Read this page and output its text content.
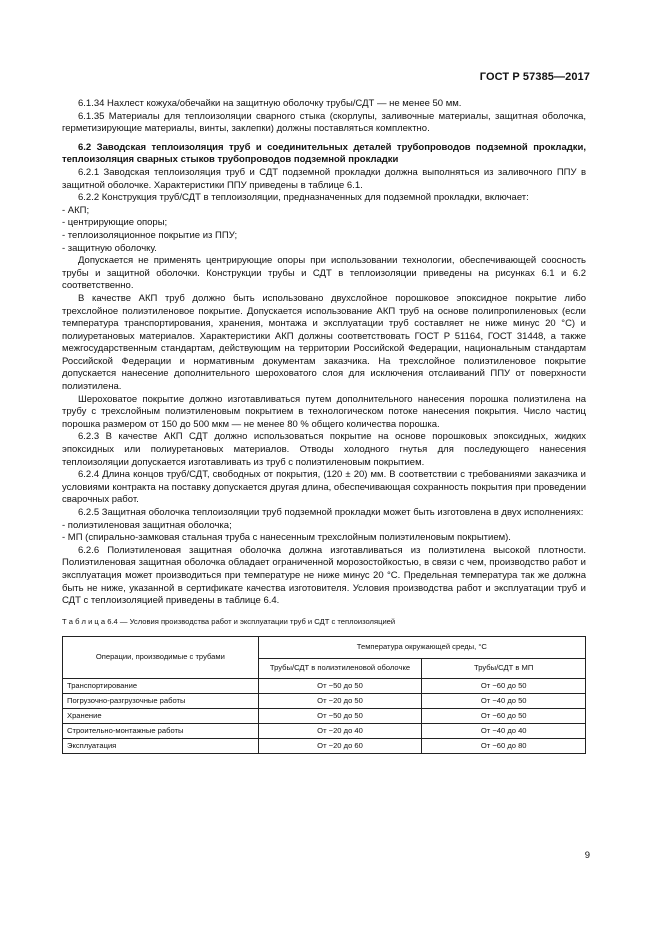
ГОСТ Р 57385—2017

6.1.34 Нахлест кожуха/обечайки на защитную оболочку трубы/СДТ — не менее 50 мм.

6.1.35 Материалы для теплоизоляции сварного стыка (скорлупы, заливочные материалы, защитная оболочка, герметизирующие материалы, винты, заклепки) должны поставляться комплектно.

6.2 Заводская теплоизоляция труб и соединительных деталей трубопроводов подземной прокладки, теплоизоляция сварных стыков трубопроводов подземной прокладки

6.2.1 Заводская теплоизоляция труб и СДТ подземной прокладки должна выполняться из заливочного ППУ в защитной оболочке. Характеристики ППУ приведены в таблице 6.1.

6.2.2 Конструкция труб/СДТ в теплоизоляции, предназначенных для подземной прокладки, включает:

- АКП;

- центрирующие опоры;

- теплоизоляционное покрытие из ППУ;

- защитную оболочку.

Допускается не применять центрирующие опоры при использовании технологии, обеспечивающей соосность трубы и защитной оболочки. Конструкции трубы и СДТ в теплоизоляции приведены на рисунках 6.1 и 6.2 соответственно.

В качестве АКП труб должно быть использовано двухслойное порошковое эпоксидное покрытие либо трехслойное полиэтиленовое покрытие. Допускается использование АКП труб на основе полипропиленовых (если температура транспортирования, хранения, монтажа и эксплуатации труб составляет не ниже минус 20 °С) и полиуретановых материалов. Характеристики АКП должны соответствовать ГОСТ Р 51164, ГОСТ 31448, а также межгосударственным стандартам, действующим на территории Российской Федерации, национальным стандартам Российской Федерации и нормативным документам заказчика. На трехслойное полиэтиленовое покрытие допускается нанесение дополнительного шероховатого слоя для исключения отслаиваний ППУ от поверхности полиэтилена.

Шероховатое покрытие должно изготавливаться путем дополнительного нанесения порошка полиэтилена на трубу с трехслойным полиэтиленовым покрытием в технологическом потоке нанесения покрытия. Число частиц порошка размером от 150 до 500 мкм — не менее 80 % общего количества порошка.

6.2.3 В качестве АКП СДТ должно использоваться покрытие на основе порошковых эпоксидных, жидких эпоксидных или полиуретановых материалов. Отводы холодного гнутья для последующего нанесения теплоизоляции допускается изготавливать из труб с полиэтиленовым покрытием.

6.2.4 Длина концов труб/СДТ, свободных от покрытия, (120 ± 20) мм. В соответствии с требованиями заказчика и условиями контракта на поставку допускается другая длина, обеспечивающая сохранность покрытия при проведении сварочных работ.

6.2.5 Защитная оболочка теплоизоляции труб подземной прокладки может быть изготовлена в двух исполнениях:

- полиэтиленовая защитная оболочка;

- МП (спирально-замковая стальная труба с нанесенным трехслойным полиэтиленовым покрытием).

6.2.6 Полиэтиленовая защитная оболочка должна изготавливаться из полиэтилена высокой плотности. Полиэтиленовая защитная оболочка обладает ограниченной морозостойкостью, в связи с чем, производство работ и эксплуатация может производиться при температуре не ниже минус 20 °С. Предельная температура так же должна быть не ниже, указанной в сертификате качества изготовителя. Условия производства работ и эксплуатации труб и СДТ с теплоизоляцией приведены в таблице 6.4.

Т а б л и ц а 6.4 — Условия производства работ и эксплуатации труб и СДТ с теплоизоляцией

Операции, производимые с трубами	Температура окружающей среды, °С	
	Трубы/СДТ в полиэтиленовой оболочке	Трубы/СДТ в МП
Транспортирование	От −50 до 50	От −60 до 50
Погрузочно-разгрузочные работы	От −20 до 50	От −40 до 50
Хранение	От −50 до 50	От −60 до 50
Строительно-монтажные работы	От −20 до 40	От −40 до 40
Эксплуатация	От −20 до 60	От −60 до 80
9
